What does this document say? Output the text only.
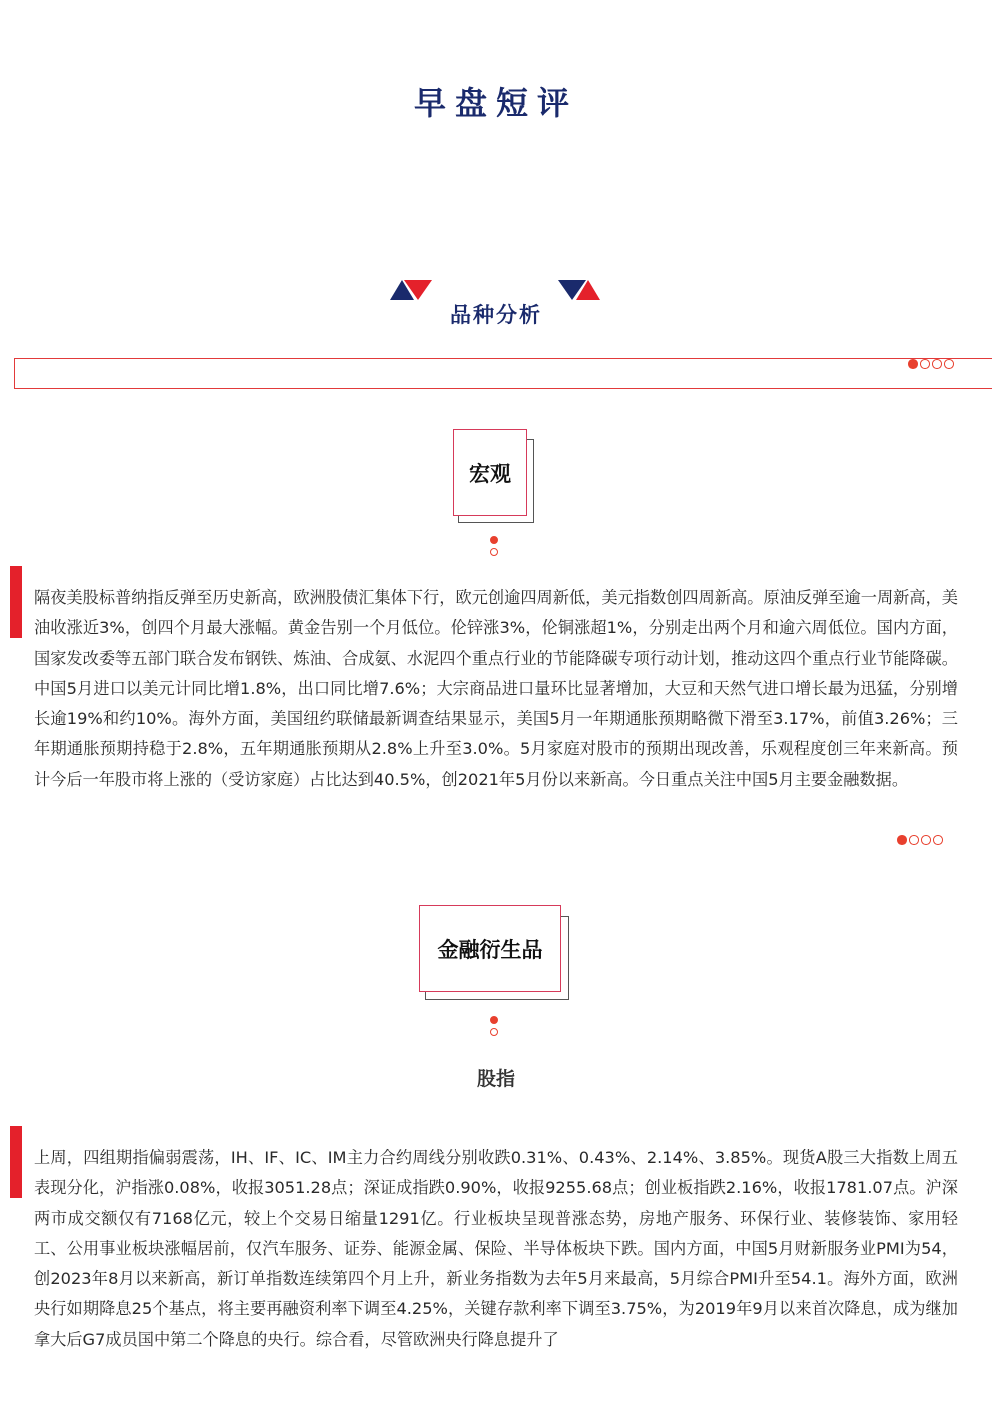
早盘短评
品种分析
宏观

隔夜美股标普纳指反弹至历史新高，欧洲股债汇集体下行，欧元创逾四周新低，美元指数创四周新高。原油反弹至逾一周新高，美油收涨近3%，创四个月最大涨幅。黄金告别一个月低位。伦锌涨3%，伦铜涨超1%，分别走出两个月和逾六周低位。国内方面，国家发改委等五部门联合发布钢铁、炼油、合成氨、水泥四个重点行业的节能降碳专项行动计划，推动这四个重点行业节能降碳。中国5月进口以美元计同比增1.8%，出口同比增7.6%；大宗商品进口量环比显著增加，大豆和天然气进口增长最为迅猛，分别增长逾19%和约10%。海外方面，美国纽约联储最新调查结果显示，美国5月一年期通胀预期略微下滑至3.17%，前值3.26%；三年期通胀预期持稳于2.8%，五年期通胀预期从2.8%上升至3.0%。5月家庭对股市的预期出现改善，乐观程度创三年来新高。预计今后一年股市将上涨的（受访家庭）占比达到40.5%，创2021年5月份以来新高。今日重点关注中国5月主要金融数据。

金融衍生品
股指

上周，四组期指偏弱震荡，IH、IF、IC、IM主力合约周线分别收跌0.31%、0.43%、2.14%、3.85%。现货A股三大指数上周五表现分化，沪指涨0.08%，收报3051.28点；深证成指跌0.90%，收报9255.68点；创业板指跌2.16%，收报1781.07点。沪深两市成交额仅有7168亿元，较上个交易日缩量1291亿。行业板块呈现普涨态势，房地产服务、环保行业、装修装饰、家用轻工、公用事业板块涨幅居前，仅汽车服务、证券、能源金属、保险、半导体板块下跌。国内方面，中国5月财新服务业PMI为54，创2023年8月以来新高，新订单指数连续第四个月上升，新业务指数为去年5月来最高，5月综合PMI升至54.1。海外方面，欧洲央行如期降息25个基点，将主要再融资利率下调至4.25%，关键存款利率下调至3.75%，为2019年9月以来首次降息，成为继加拿大后G7成员国中第二个降息的央行。综合看，尽管欧洲央行降息提升了
